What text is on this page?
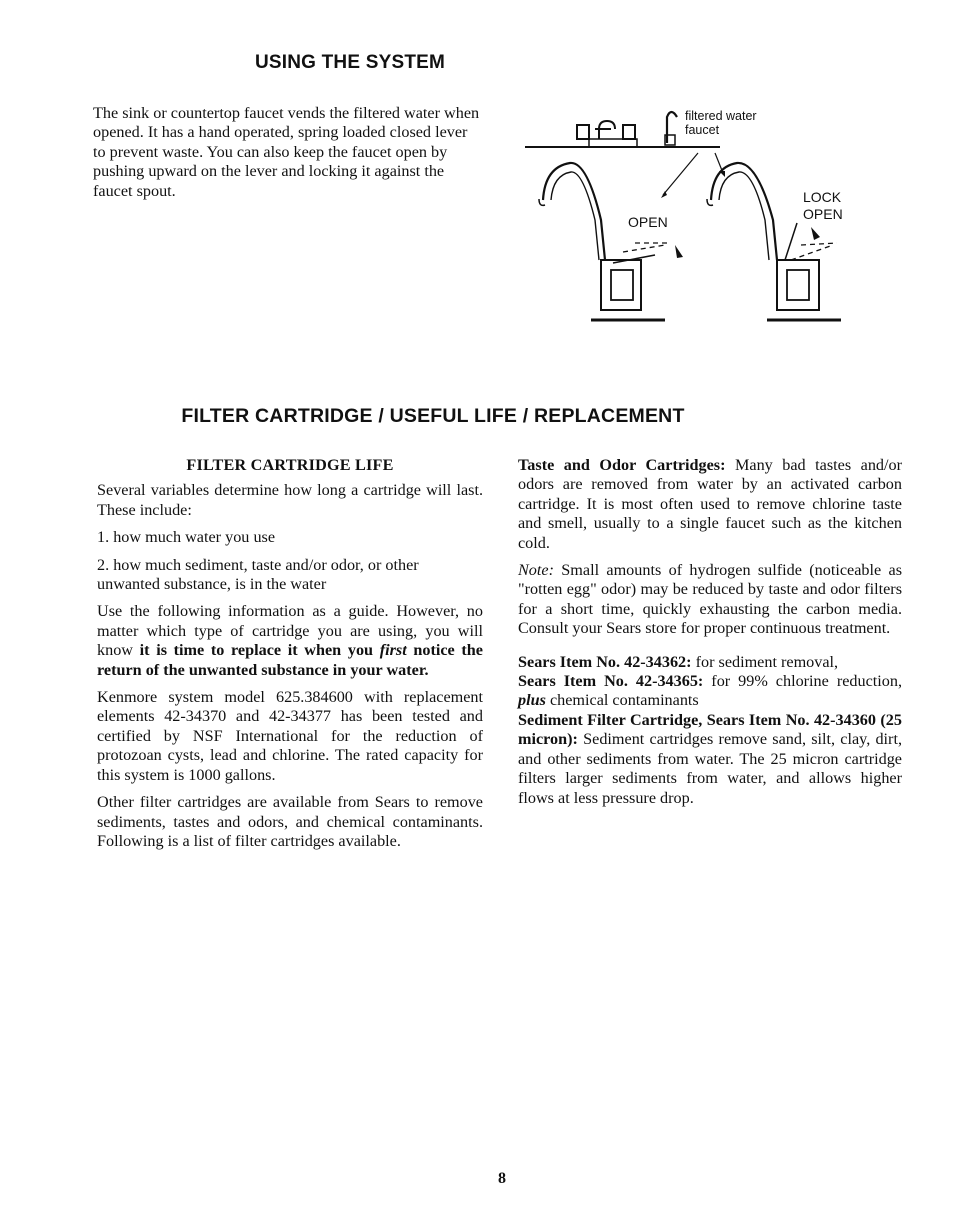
USING THE SYSTEM
The sink or countertop faucet vends the filtered water when opened. It has a hand operated, spring loaded closed lever to prevent waste. You can also keep the faucet open by pushing upward on the lever and locking it against the faucet spout.
filtered water faucet
OPEN
LOCK
OPEN
FILTER CARTRIDGE / USEFUL LIFE / REPLACEMENT
FILTER CARTRIDGE LIFE

Several variables determine how long a cartridge will last. These include:

1. how much water you use
2. how much sediment, taste and/or odor, or other unwanted substance, is in the water

Use the following information as a guide. However, no matter which type of cartridge you are using, you will know it is time to replace it when you first notice the return of the unwanted substance in your water.

Kenmore system model 625.384600 with replacement elements 42-34370 and 42-34377 has been tested and certified by NSF International for the reduction of protozoan cysts, lead and chlorine. The rated capacity for this system is 1000 gallons.

Other filter cartridges are available from Sears to remove sediments, tastes and odors, and chemical contaminants. Following is a list of filter cartridges available.

Taste and Odor Cartridges: Many bad tastes and/or odors are removed from water by an activated carbon cartridge. It is most often used to remove chlorine taste and smell, usually to a single faucet such as the kitchen cold.

Note: Small amounts of hydrogen sulfide (noticeable as "rotten egg" odor) may be reduced by taste and odor filters for a short time, quickly exhausting the carbon media. Consult your Sears store for proper continuous treatment.

Sears Item No. 42-34362: for sediment removal,
Sears Item No. 42-34365: for 99% chlorine reduction, plus chemical contaminants
Sediment Filter Cartridge, Sears Item No. 42-34360 (25 micron): Sediment cartridges remove sand, silt, clay, dirt, and other sediments from water. The 25 micron cartridge filters larger sediments from water, and allows higher flows at less pressure drop.
8
